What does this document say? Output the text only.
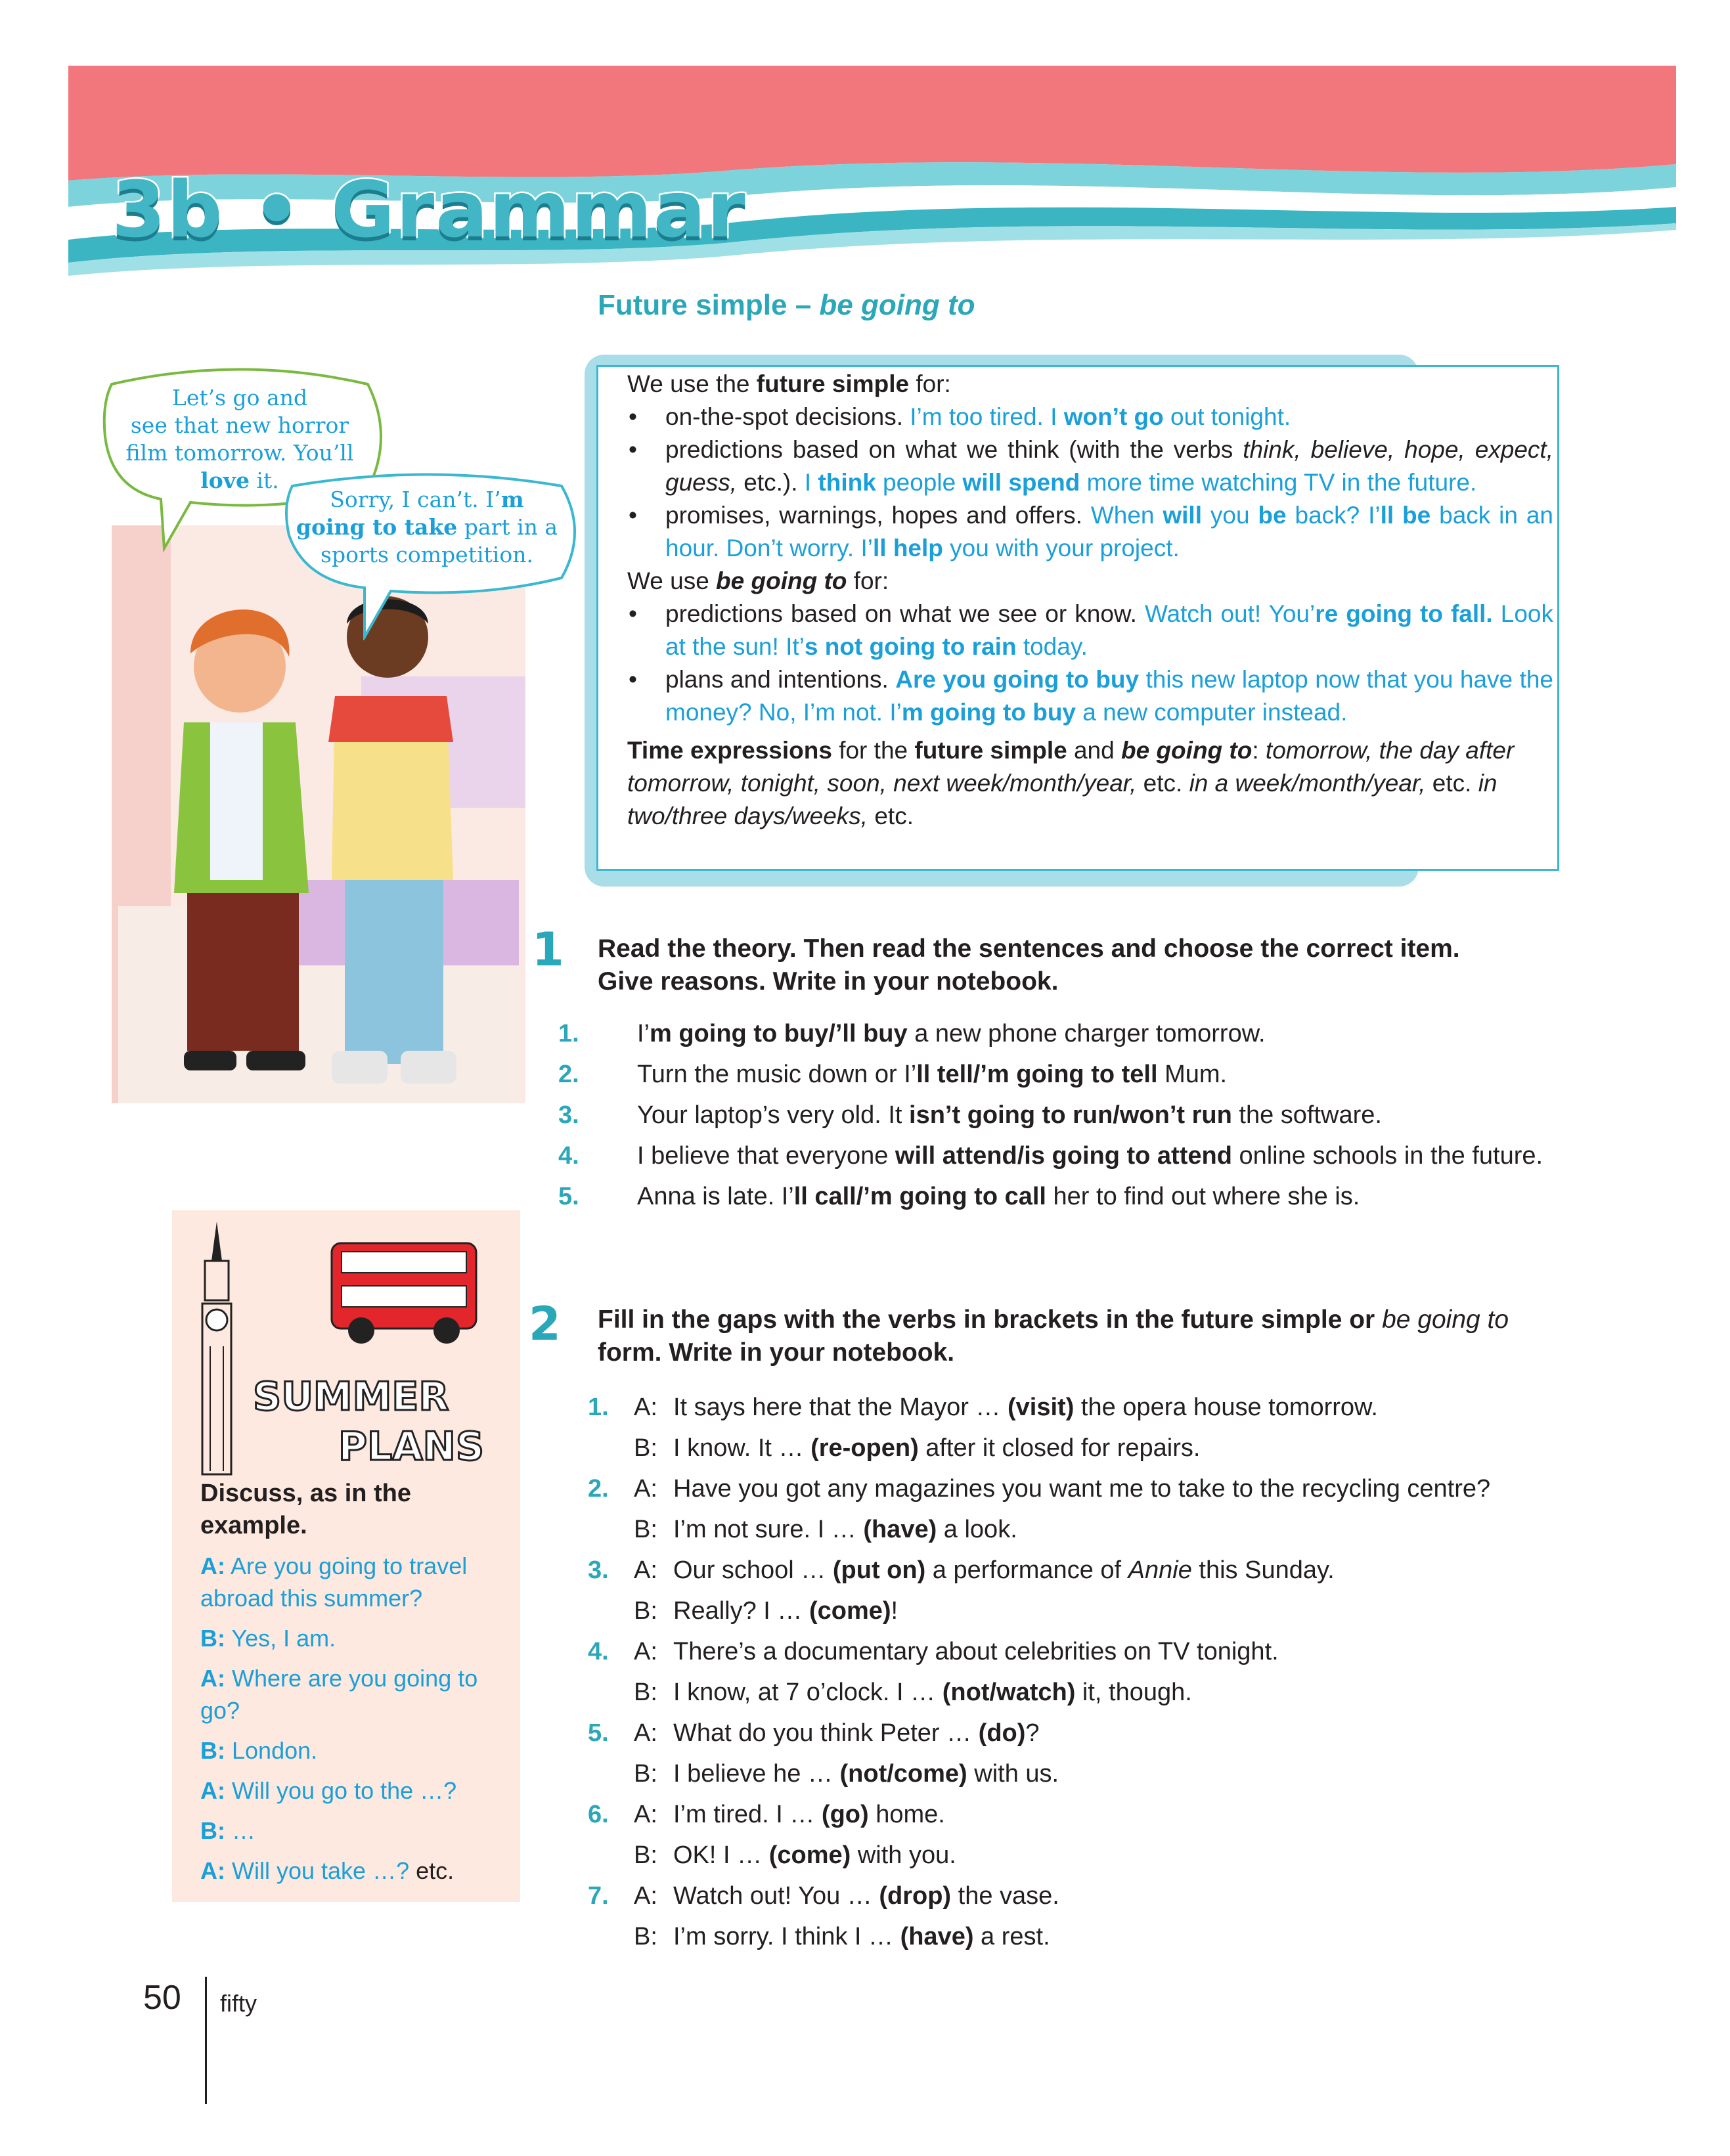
3b • Grammar
Let’s go and
see that new horror
film tomorrow. You’ll
love it.
Sorry, I can’t. I’m
going to take part in a
sports competition.
Future simple – be going to
We use the future simple for:
• on-the-spot decisions. I’m too tired. I won’t go out tonight.
• predictions based on what we think (with the verbs think, believe, hope, expect, guess, etc.). I think people will spend more time watching TV in the future.
• promises, warnings, hopes and offers. When will you be back? I’ll be back in an hour. Don’t worry. I’ll help you with your project.
We use be going to for:
• predictions based on what we see or know. Watch out! You’re going to fall. Look at the sun! It’s not going to rain today.
• plans and intentions. Are you going to buy this new laptop now that you have the money? No, I’m not. I’m going to buy a new computer instead.
Time expressions for the future simple and be going to: tomorrow, the day after tomorrow, tonight, soon, next week/month/year, etc. in a week/month/year, etc. in two/three days/weeks, etc.
1 Read the theory. Then read the sentences and choose the correct item.
Give reasons. Write in your notebook.
1. I’m going to buy/’ll buy a new phone charger tomorrow.
2. Turn the music down or I’ll tell/’m going to tell Mum.
3. Your laptop’s very old. It isn’t going to run/won’t run the software.
4. I believe that everyone will attend/is going to attend online schools in the future.
5. Anna is late. I’ll call/’m going to call her to find out where she is.
2 Fill in the gaps with the verbs in brackets in the future simple or be going to
form. Write in your notebook.
1.	A: It says here that the Mayor … (visit) the opera house tomorrow.
B: I know. It … (re-open) after it closed for repairs.
2.	A: Have you got any magazines you want me to take to the recycling centre?
B: I’m not sure. I … (have) a look.
3.	A: Our school … (put on) a performance of Annie this Sunday.
B: Really? I … (come)!
4.	A: There’s a documentary about celebrities on TV tonight.
B: I know, at 7 o’clock. I … (not/watch) it, though.
5.	A: What do you think Peter … (do)?
B: I believe he … (not/come) with us.
6.	A: I’m tired. I … (go) home.
B: OK! I … (come) with you.
7.	A: Watch out! You … (drop) the vase.
B: I’m sorry. I think I … (have) a rest.
SUMMER
PLANS
Discuss, as in the example.
A: Are you going to travel abroad this summer?
B: Yes, I am.
A: Where are you going to go?
B: London.
A: Will you go to the …?
B: …
A: Will you take …? etc.
50 fifty
